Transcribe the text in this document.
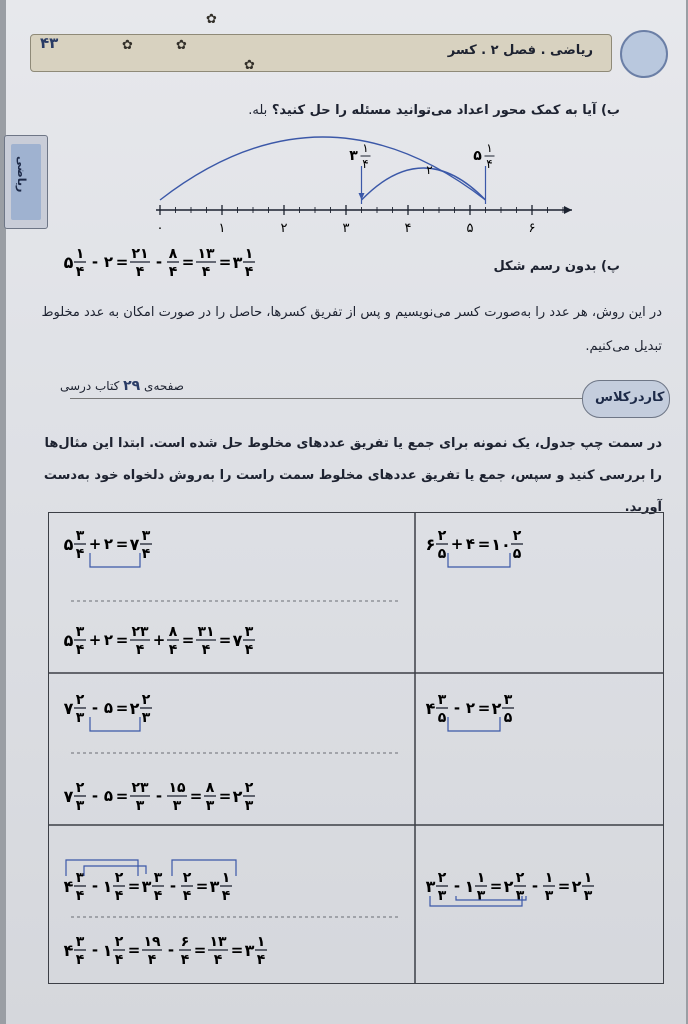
ریاضی . فصل ۲ . کسر
۴۳
✿
✿	✿
✿
ریاضی
ب) آیا به کمک محور اعداد می‌توانید مسئله را حل کنید؟ بله.
۰	۱	۲	۳	۴	۵	۶
۲
۳ ۱
۴	۵ ۱
۴
پ) بدون رسم شکل
۵ ۱
۴
- ۲ = ۲۱
۴
- ۸
۴
= ۱۳
۴
= ۳ ۱
۴
در این روش، هر عدد را به‌صورت کسر می‌نویسیم و پس از تفریق کسرها، حاصل را در صورت امکان به عدد مخلوط تبدیل می‌کنیم.
صفحه‌ی ۲۹ کتاب درسی
کاردرکلاس
در سمت چپ جدول، یک نمونه برای جمع یا تفریق عددهای مخلوط حل شده است. ابتدا این مثال‌ها را بررسی کنید و سپس، جمع یا تفریق عددهای مخلوط سمت راست را به‌روش دلخواه خود به‌دست آورید.
۵ ۳
۴
+ ۲ = ۷ ۳
۴
۵ ۳
۴
+ ۲ = ۲۳
۴
+ ۸
۴
= ۳۱
۴
= ۷ ۳
۴
۶ ۲
۵
+ ۴ = ۱۰ ۲
۵
۷ ۲
۳
- ۵ = ۲ ۲
۳
۷ ۲
۳
- ۵ = ۲۳
۳
- ۱۵
۳
= ۸
۳
= ۲ ۲
۳
۴ ۳
۵
- ۲ = ۲ ۳
۵
۴ ۳
۴
- ۱ ۲
۴
= ۳ ۳
۴
- ۲
۴
= ۳ ۱
۴
۴ ۳
۴
- ۱ ۲
۴
= ۱۹
۴
- ۶
۴
= ۱۳
۴
= ۳ ۱
۴
۳ ۲
۳
- ۱ ۱
۳
= ۲ ۲
۳
- ۱
۳
= ۲ ۱
۳
